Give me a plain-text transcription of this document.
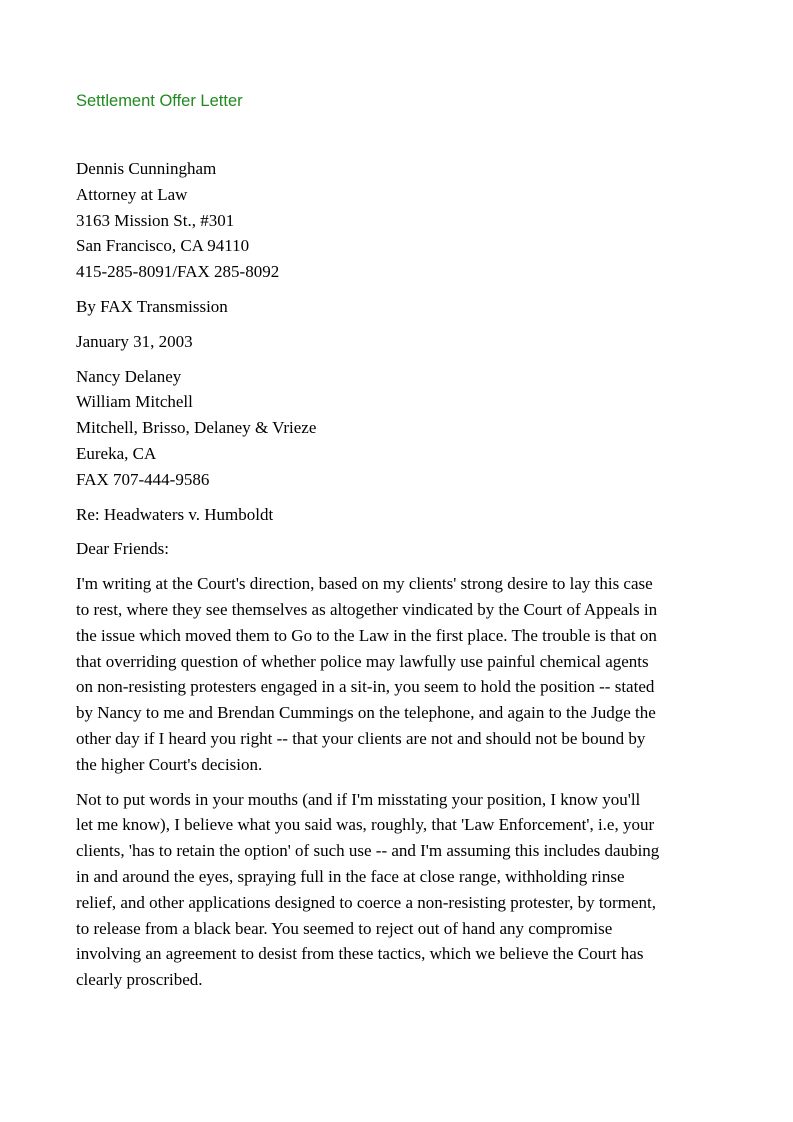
Settlement Offer Letter
Dennis Cunningham
Attorney at Law
3163 Mission St., #301
San Francisco, CA 94110
415-285-8091/FAX 285-8092
By FAX Transmission
January 31, 2003
Nancy Delaney
William Mitchell
Mitchell, Brisso, Delaney & Vrieze
Eureka, CA
FAX 707-444-9586
Re: Headwaters v. Humboldt
Dear Friends:
I'm writing at the Court's direction, based on my clients' strong desire to lay this case
to rest, where they see themselves as altogether vindicated by the Court of Appeals in
the issue which moved them to Go to the Law in the first place. The trouble is that on
that overriding question of whether police may lawfully use painful chemical agents
on non-resisting protesters engaged in a sit-in, you seem to hold the position -- stated
by Nancy to me and Brendan Cummings on the telephone, and again to the Judge the
other day if I heard you right -- that your clients are not and should not be bound by
the higher Court's decision.
Not to put words in your mouths (and if I'm misstating your position, I know you'll
let me know), I believe what you said was, roughly, that 'Law Enforcement', i.e, your
clients, 'has to retain the option' of such use -- and I'm assuming this includes daubing
in and around the eyes, spraying full in the face at close range, withholding rinse
relief, and other applications designed to coerce a non-resisting protester, by torment,
to release from a black bear. You seemed to reject out of hand any compromise
involving an agreement to desist from these tactics, which we believe the Court has
clearly proscribed.
